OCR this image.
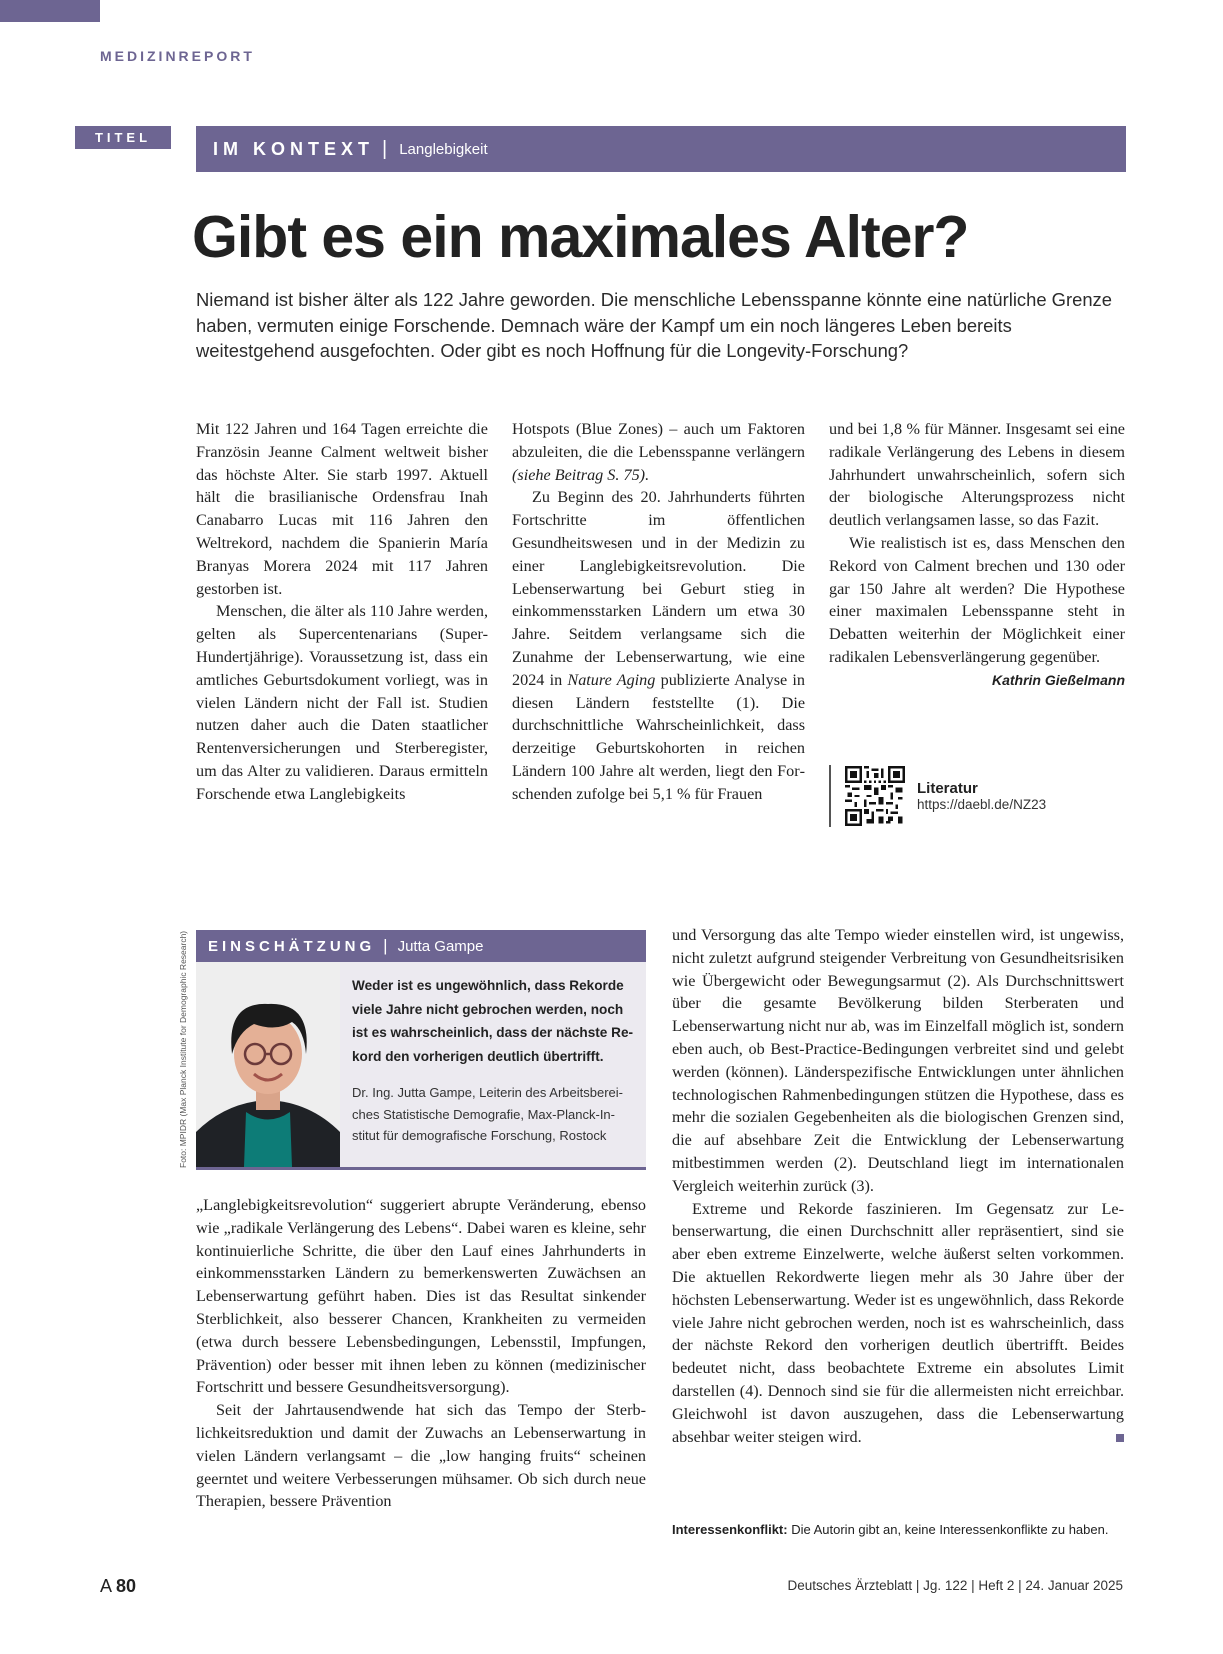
MEDIZINREPORT
TITEL
IM KONTEXT | Langlebigkeit
Gibt es ein maximales Alter?

Niemand ist bisher älter als 122 Jahre geworden. Die menschliche Lebensspanne könnte eine natürliche Grenze haben, vermuten einige Forschende. Demnach wäre der Kampf um ein noch längeres Leben bereits weitestgehend ausgefochten. Oder gibt es noch Hoffnung für die Longevity-Forschung?

Mit 122 Jahren und 164 Tagen erreichte die Französin Jeanne Calment weltweit bisher das höchste Alter. Sie starb 1997. Aktuell hält die brasilianische Ordensfrau Inah Canabarro Lucas mit 116 Jahren den Weltrekord, nachdem die Spanierin María Branyas Morera 2024 mit 117 Jahren gestorben ist.

Menschen, die älter als 110 Jahre werden, gelten als Supercentenarians (Super-Hundertjährige). Voraussetzung ist, dass ein amtliches Geburtsdokument vorliegt, was in vielen Ländern nicht der Fall ist. Studien nutzen daher auch die Daten staatlicher Rentenversicherungen und Sterberegister, um das Alter zu validieren. Daraus ermitteln Forschende etwa Langlebigkeits

Hotspots (Blue Zones) – auch um Faktoren abzuleiten, die die Lebensspanne verlängern (siehe Beitrag S. 75).

Zu Beginn des 20. Jahrhunderts führten Fortschritte im öffentlichen Gesundheitswesen und in der Medizin zu einer Langlebigkeitsrevolution. Die Lebenserwartung bei Geburt stieg in einkommensstarken Ländern um etwa 30 Jahre. Seitdem verlangsame sich die Zunahme der Lebenserwartung, wie eine 2024 in Nature Aging publizierte Analyse in diesen Ländern feststellte (1). Die durchschnittliche Wahrscheinlichkeit, dass derzeitige Geburtskohorten in reichen Ländern 100 Jahre alt werden, liegt den Forschenden zufolge bei 5,1 % für Frauen

und bei 1,8 % für Männer. Insgesamt sei eine radikale Verlängerung des Lebens in diesem Jahrhundert unwahrscheinlich, sofern sich der biologische Alterungsprozess nicht deutlich verlangsamen lasse, so das Fazit.

Wie realistisch ist es, dass Menschen den Rekord von Calment brechen und 130 oder gar 150 Jahre alt werden? Die Hypothese einer maximalen Lebensspanne steht in Debatten weiterhin der Möglichkeit einer radikalen Lebensverlängerung gegenüber.
Kathrin Gießelmann

Literatur
https://daebl.de/NZ23
Foto: MPIDR (Max Planck Institute for Demographic Research) EINSCHÄTZUNG | Jutta Gampe
Weder ist es ungewöhnlich, dass Rekorde viele Jahre nicht gebrochen werden, noch ist es wahrscheinlich, dass der nächste Rekord den vorherigen deutlich übertrifft.
Dr. Ing. Jutta Gampe, Leiterin des Arbeitsbereiches Statistische Demografie, Max-Planck-Institut für demografische Forschung, Rostock

„Langlebigkeitsrevolution“ suggeriert abrupte Veränderung, ebenso wie „radikale Verlängerung des Lebens“. Dabei waren es kleine, sehr kontinuierliche Schritte, die über den Lauf eines Jahrhunderts in einkommensstarken Ländern zu bemerkenswerten Zuwächsen an Lebenserwartung geführt haben. Dies ist das Resultat sinkender Sterblichkeit, also besserer Chancen, Krankheiten zu vermeiden (etwa durch bessere Lebensbedingungen, Lebensstil, Impfungen, Prävention) oder besser mit ihnen leben zu können (medizinischer Fortschritt und bessere Gesundheitsversorgung).

Seit der Jahrtausendwende hat sich das Tempo der Sterblichkeitsreduktion und damit der Zuwachs an Lebenserwartung in vielen Ländern verlangsamt – die „low hanging fruits“ scheinen geerntet und weitere Verbesserungen mühsamer. Ob sich durch neue Therapien, bessere Prävention

und Versorgung das alte Tempo wieder einstellen wird, ist ungewiss, nicht zuletzt aufgrund steigender Verbreitung von Gesundheitsrisiken wie Übergewicht oder Bewegungsarmut (2). Als Durchschnittswert über die gesamte Bevölkerung bilden Sterberaten und Lebenserwartung nicht nur ab, was im Einzelfall möglich ist, sondern eben auch, ob Best-Practice-Bedingungen verbreitet sind und gelebt werden (können). Länderspezifische Entwicklungen unter ähnlichen technologischen Rahmenbedingungen stützen die Hypothese, dass es mehr die sozialen Gegebenheiten als die biologischen Grenzen sind, die auf absehbare Zeit die Entwicklung der Lebenserwartung mitbestimmen werden (2). Deutschland liegt im internationalen Vergleich weiterhin zurück (3).

Extreme und Rekorde faszinieren. Im Gegensatz zur Lebenserwartung, die einen Durchschnitt aller repräsentiert, sind sie aber eben extreme Einzelwerte, welche äußerst selten vorkommen. Die aktuellen Rekordwerte liegen mehr als 30 Jahre über der höchsten Lebenserwartung. Weder ist es ungewöhnlich, dass Rekorde viele Jahre nicht gebrochen werden, noch ist es wahrscheinlich, dass der nächste Rekord den vorherigen deutlich übertrifft. Beides bedeutet nicht, dass beobachtete Extreme ein absolutes Limit darstellen (4). Dennoch sind sie für die allermeisten nicht erreichbar. Gleichwohl ist davon auszugehen, dass die Lebenserwartung absehbar weiter steigen wird.

Interessenkonflikt: Die Autorin gibt an, keine Interessenkonflikte zu haben.
A 80	Deutsches Ärzteblatt | Jg. 122 | Heft 2 | 24. Januar 2025
